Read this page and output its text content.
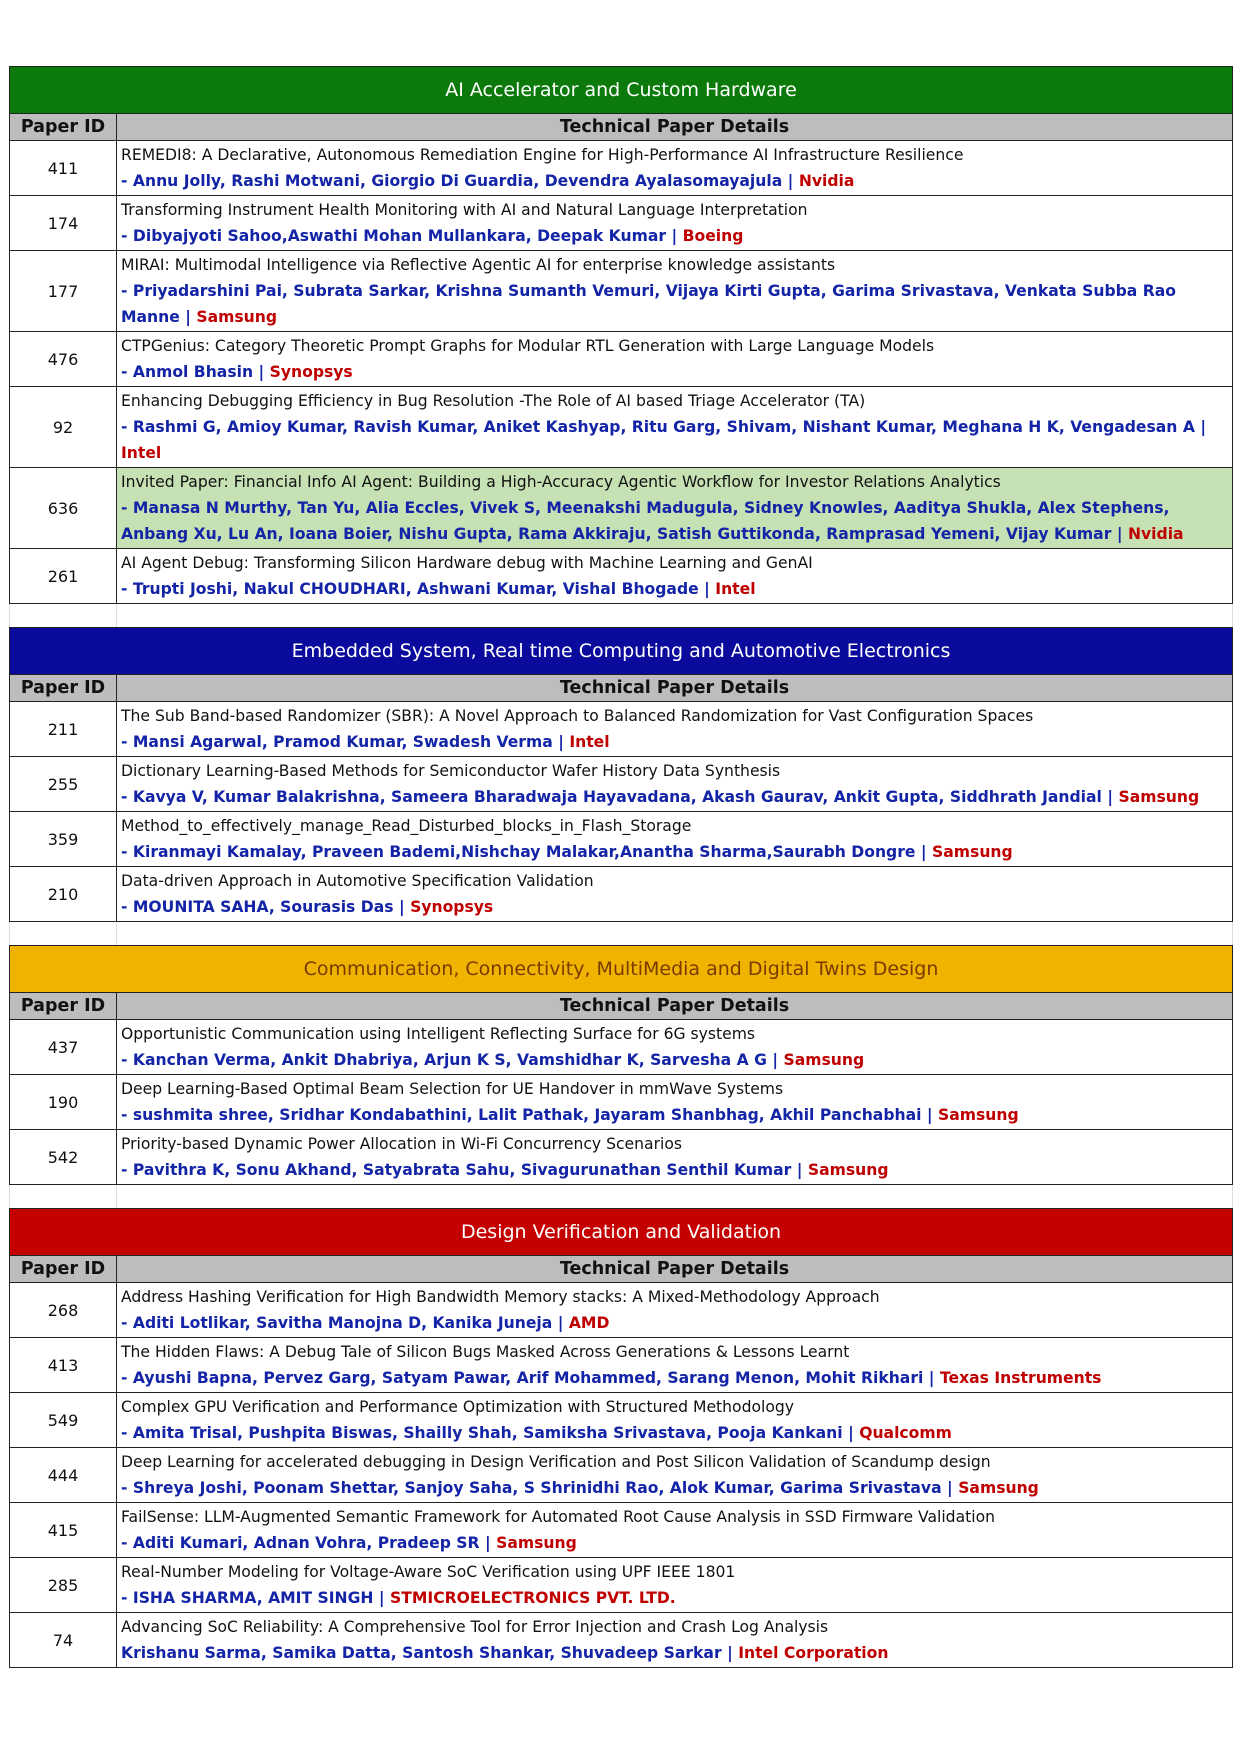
AI Accelerator and Custom Hardware	
Paper ID	Technical Paper Details
411	REMEDI8: A Declarative, Autonomous Remediation Engine for High-Performance AI Infrastructure Resilience
- Annu Jolly, Rashi Motwani, Giorgio Di Guardia, Devendra Ayalasomayajula | Nvidia

174	Transforming Instrument Health Monitoring with AI and Natural Language Interpretation
- Dibyajyoti Sahoo,Aswathi Mohan Mullankara, Deepak Kumar | Boeing

177	MIRAI: Multimodal Intelligence via Reflective Agentic AI for enterprise knowledge assistants
- Priyadarshini Pai, Subrata Sarkar, Krishna Sumanth Vemuri, Vijaya Kirti Gupta, Garima Srivastava, Venkata Subba Rao Manne | Samsung

476	CTPGenius: Category Theoretic Prompt Graphs for Modular RTL Generation with Large Language Models
- Anmol Bhasin | Synopsys

92	Enhancing Debugging Efficiency in Bug Resolution -The Role of AI based Triage Accelerator (TA)
- Rashmi G, Amioy Kumar, Ravish Kumar, Aniket Kashyap, Ritu Garg, Shivam, Nishant Kumar, Meghana H K, Vengadesan A | Intel

636	Invited Paper: Financial Info AI Agent: Building a High-Accuracy Agentic Workflow for Investor Relations Analytics
- Manasa N Murthy, Tan Yu, Alia Eccles, Vivek S, Meenakshi Madugula, Sidney Knowles, Aaditya Shukla, Alex Stephens, Anbang Xu, Lu An, Ioana Boier, Nishu Gupta, Rama Akkiraju, Satish Guttikonda, Ramprasad Yemeni, Vijay Kumar | Nvidia

261	AI Agent Debug: Transforming Silicon Hardware debug with Machine Learning and GenAI
- Trupti Joshi, Nakul CHOUDHARI, Ashwani Kumar, Vishal Bhogade | Intel

Embedded System, Real time Computing and Automotive Electronics	
Paper ID	Technical Paper Details
211	The Sub Band-based Randomizer (SBR): A Novel Approach to Balanced Randomization for Vast Configuration Spaces
- Mansi Agarwal, Pramod Kumar, Swadesh Verma | Intel

255	Dictionary Learning-Based Methods for Semiconductor Wafer History Data Synthesis
- Kavya V, Kumar Balakrishna, Sameera Bharadwaja Hayavadana, Akash Gaurav, Ankit Gupta, Siddhrath Jandial | Samsung

359	Method_to_effectively_manage_Read_Disturbed_blocks_in_Flash_Storage
- Kiranmayi Kamalay, Praveen Bademi,Nishchay Malakar,Anantha Sharma,Saurabh Dongre | Samsung

210	Data-driven Approach in Automotive Specification Validation
- MOUNITA SAHA, Sourasis Das | Synopsys

Communication, Connectivity, MultiMedia and Digital Twins Design	
Paper ID	Technical Paper Details
437	Opportunistic Communication using Intelligent Reflecting Surface for 6G systems
- Kanchan Verma, Ankit Dhabriya, Arjun K S, Vamshidhar K, Sarvesha A G | Samsung

190	Deep Learning-Based Optimal Beam Selection for UE Handover in mmWave Systems
- sushmita shree, Sridhar Kondabathini, Lalit Pathak, Jayaram Shanbhag, Akhil Panchabhai | Samsung

542	Priority-based Dynamic Power Allocation in Wi-Fi Concurrency Scenarios
- Pavithra K, Sonu Akhand, Satyabrata Sahu, Sivagurunathan Senthil Kumar | Samsung

Design Verification and Validation	
Paper ID	Technical Paper Details
268	Address Hashing Verification for High Bandwidth Memory stacks: A Mixed-Methodology Approach
- Aditi Lotlikar, Savitha Manojna D, Kanika Juneja | AMD

413	The Hidden Flaws: A Debug Tale of Silicon Bugs Masked Across Generations & Lessons Learnt
- Ayushi Bapna, Pervez Garg, Satyam Pawar, Arif Mohammed, Sarang Menon, Mohit Rikhari | Texas Instruments

549	Complex GPU Verification and Performance Optimization with Structured Methodology
- Amita Trisal, Pushpita Biswas, Shailly Shah, Samiksha Srivastava, Pooja Kankani | Qualcomm

444	Deep Learning for accelerated debugging in Design Verification and Post Silicon Validation of Scandump design
- Shreya Joshi, Poonam Shettar, Sanjoy Saha, S Shrinidhi Rao, Alok Kumar, Garima Srivastava | Samsung

415	FailSense: LLM-Augmented Semantic Framework for Automated Root Cause Analysis in SSD Firmware Validation
- Aditi Kumari, Adnan Vohra, Pradeep SR | Samsung

285	Real-Number Modeling for Voltage-Aware SoC Verification using UPF IEEE 1801
- ISHA SHARMA, AMIT SINGH | STMICROELECTRONICS PVT. LTD.

74	Advancing SoC Reliability: A Comprehensive Tool for Error Injection and Crash Log Analysis
Krishanu Sarma, Samika Datta, Santosh Shankar, Shuvadeep Sarkar | Intel Corporation
